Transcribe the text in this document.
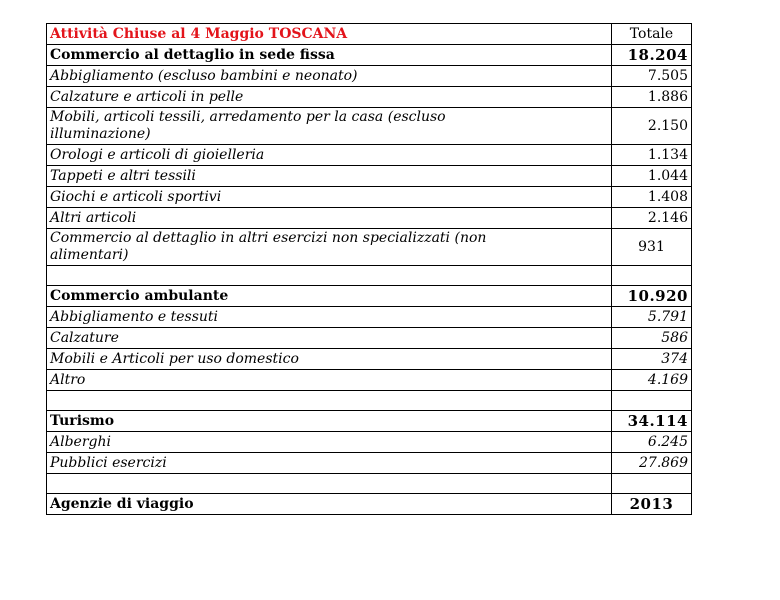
Attività Chiuse al 4 Maggio TOSCANA	Totale
Commercio al dettaglio in sede fissa	18.204
Abbigliamento (escluso bambini e neonato)	7.505
Calzature e articoli in pelle	1.886
Mobili, articoli tessili, arredamento per la casa (escluso
illuminazione)	2.150
Orologi e articoli di gioielleria	1.134
Tappeti e altri tessili	1.044
Giochi e articoli sportivi	1.408
Altri articoli	2.146
Commercio al dettaglio in altri esercizi non specializzati (non
alimentari)	931

Commercio ambulante	10.920
Abbigliamento e tessuti	5.791
Calzature	586
Mobili e Articoli per uso domestico	374
Altro	4.169

Turismo	34.114
Alberghi	6.245
Pubblici esercizi	27.869

Agenzie di viaggio	2013
